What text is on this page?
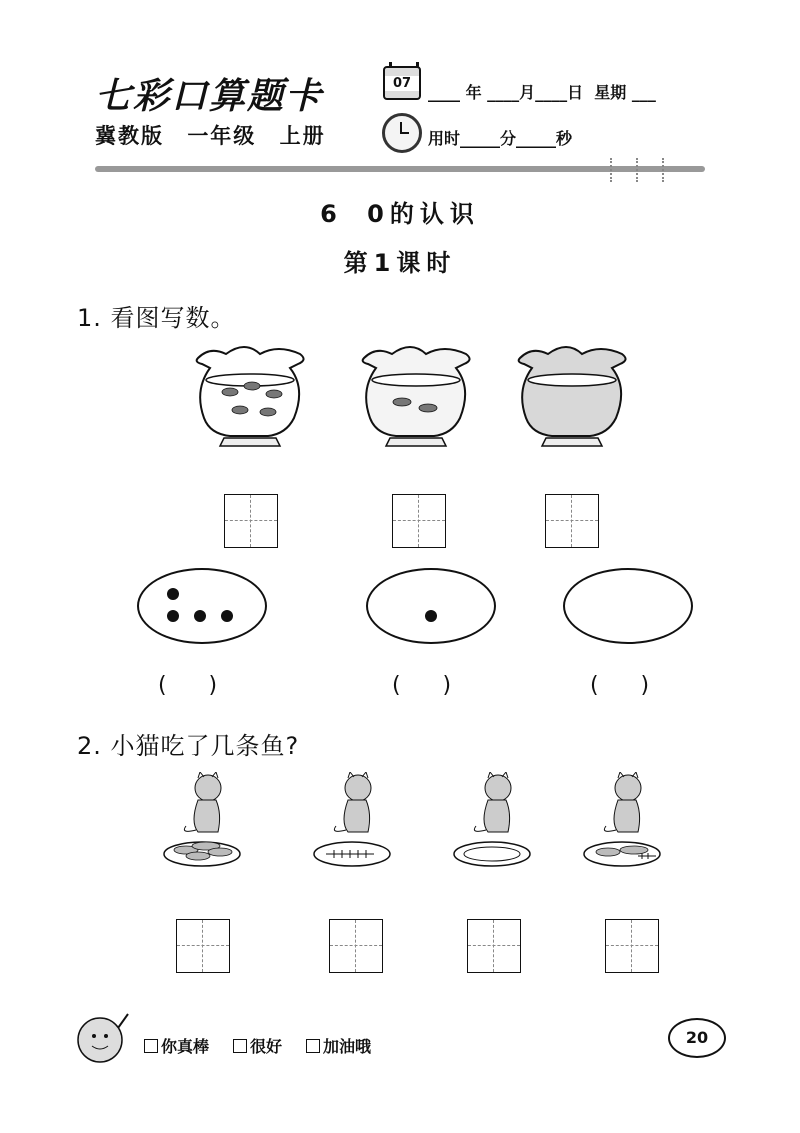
七彩口算题卡
冀教版 一年级 上册
07	____ 年 ____月____日  星期 ___
用时_____分_____秒
6 0的认识
第1课时
1. 看图写数。
(      )	(      )	(      )
2. 小猫吃了几条鱼?
你真棒	很好	加油哦	20
